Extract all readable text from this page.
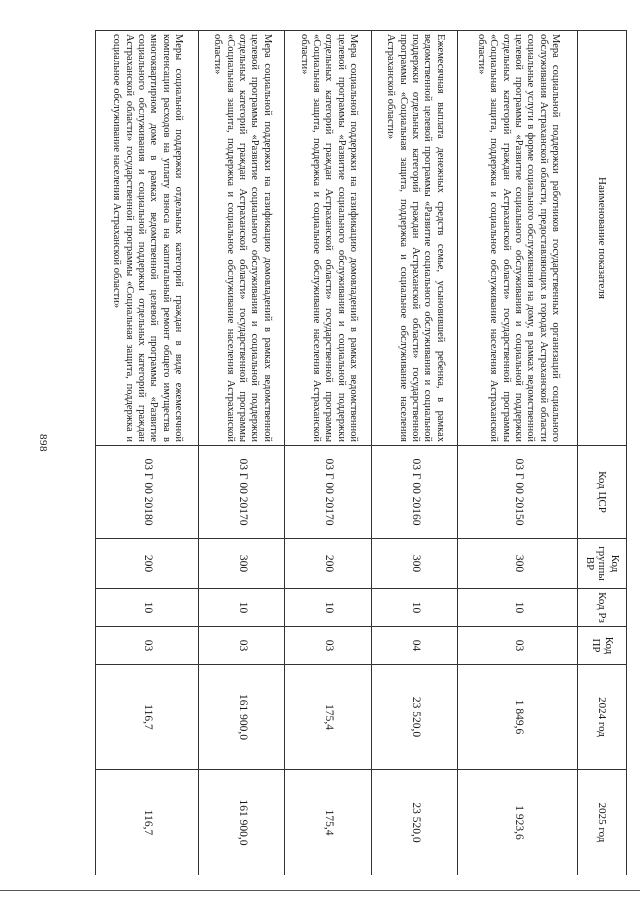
898
Наименование показателя	Код ЦСР	Код группы ВР	Код Рз	Код ПР	2024 год	2025 год
Мера социальной поддержки работников государственных организаций социального обслуживания Астраханской области, предоставляющих в городах Астраханской области социальные услуги в форме социального обслуживания на дому, в рамках ведомственной целевой программы «Развитие социального обслуживания и социальной поддержки отдельных категорий граждан Астраханской области» государственной программы «Социальная защита, поддержка и социальное обслуживание населения Астраханской области»	03 Г 00 20150	300	10	03	1 849,6	1 923,6
Ежемесячная выплата денежных средств семье, усыновившей ребенка, в рамках ведомственной целевой программы «Развитие социального обслуживания и социальной поддержки отдельных категорий граждан Астраханской области» государственной программы «Социальная защита, поддержка и социальное обслуживание населения Астраханской области»	03 Г 00 20160	300	10	04	23 520,0	23 520,0
Мера социальной поддержки на газификацию домовладений в рамках ведомственной целевой программы «Развитие социального обслуживания и социальной поддержки отдельных категорий граждан Астраханской области» государственной программы «Социальная защита, поддержка и социальное обслуживание населения Астраханской области»	03 Г 00 20170	200	10	03	175,4	175,4
Мера социальной поддержки на газификацию домовладений в рамках ведомственной целевой программы «Развитие социального обслуживания и социальной поддержки отдельных категорий граждан Астраханской области» государственной программы «Социальная защита, поддержка и социальное обслуживание населения Астраханской области»	03 Г 00 20170	300	10	03	161 900,0	161 900,0
Меры социальной поддержки отдельных категорий граждан в виде ежемесячной компенсации расходов на уплату взноса на капитальный ремонт общего имущества в многоквартирном доме в рамках ведомственной целевой программы «Развитие социального обслуживания и социальной поддержки отдельных категорий граждан Астраханской области» государственной программы «Социальная защита, поддержка и социальное обслуживание населения Астраханской области»	03 Г 00 20180	200	10	03	116,7	116,7
